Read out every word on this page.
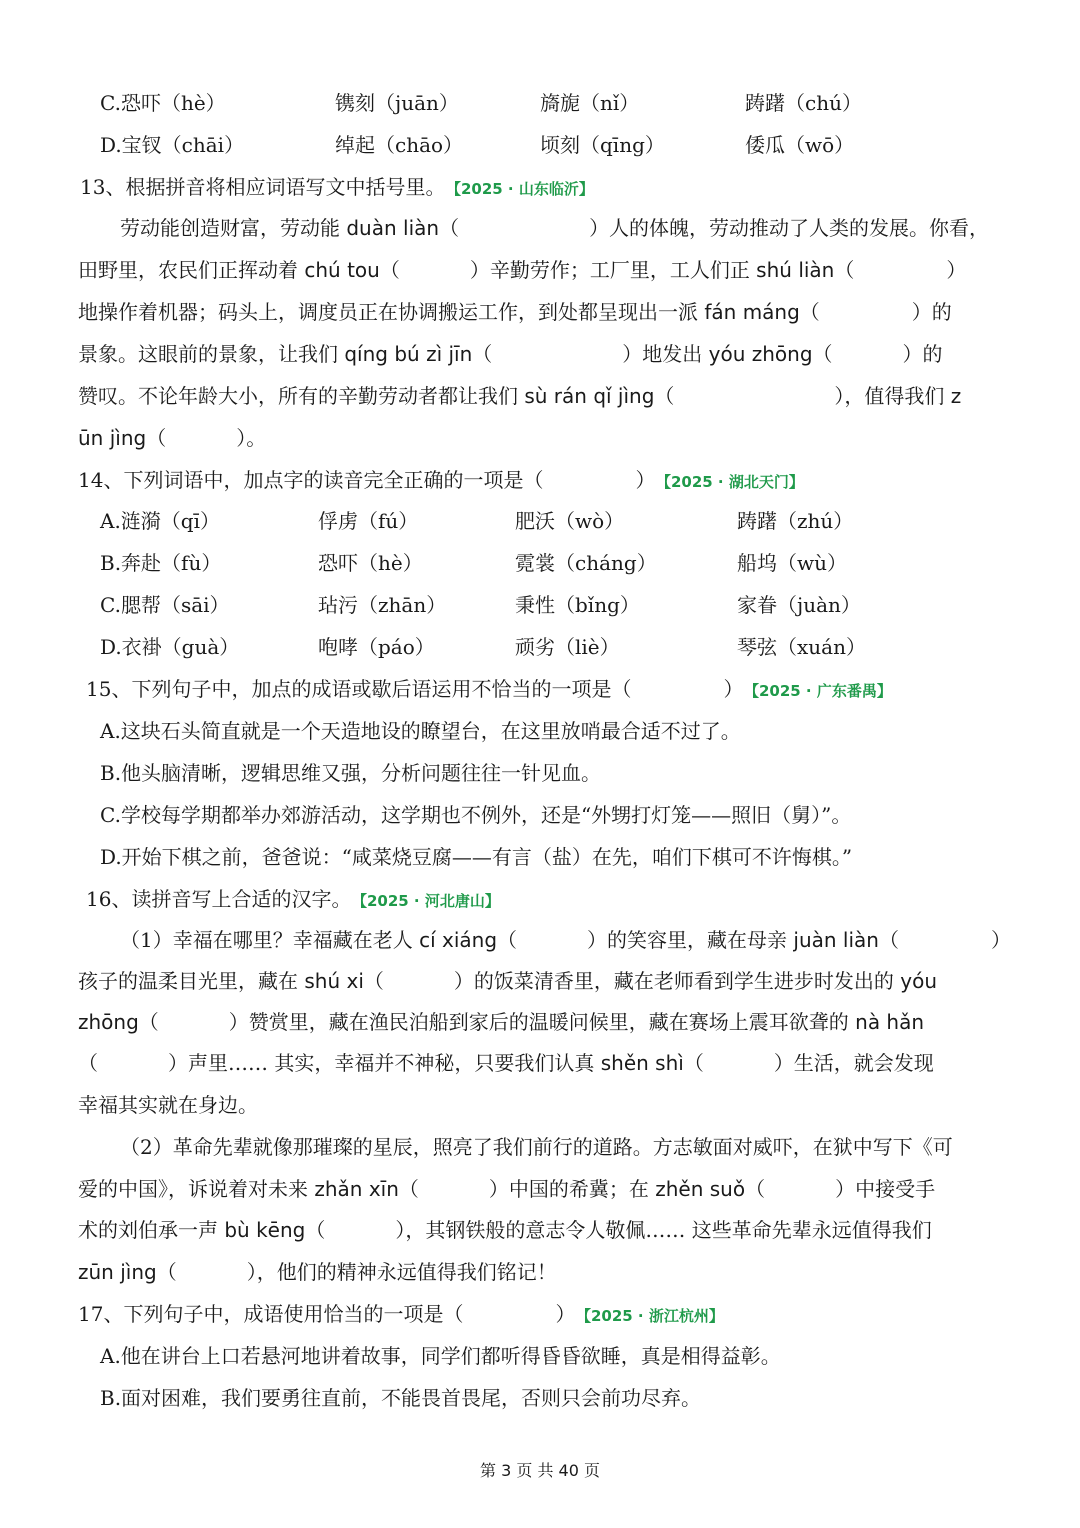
C.恐吓（hè）	镌刻（juān）	旖旎（nǐ）	踌躇（chú）
D.宝钗（chāi）	绰起（chāo）	顷刻（qīng）	倭瓜（wō）
13、根据拼音将相应词语写文中括号里。 【2025 · 山东临沂】
劳动能创造财富，劳动能 duàn liàn（	）人的体魄，劳动推动了人类的发展。你看，
田野里，农民们正挥动着 chú tou（	）辛勤劳作；工厂里，工人们正 shú liàn（	）
地操作着机器；码头上，调度员正在协调搬运工作，到处都呈现出一派 fán máng（	）的
景象。这眼前的景象，让我们 qíng bú zì jīn（	）地发出 yóu zhōng（	）的
赞叹。不论年龄大小，所有的辛勤劳动者都让我们 sù rán qǐ jìng（	），值得我们 z
ūn jìng（	）。
14、下列词语中，加点字的读音完全正确的一项是（	） 【2025 · 湖北天门】
A.涟漪（qī）	俘虏（fú）	肥沃（wò）	踌躇（zhú）
B.奔赴（fù）	恐吓（hè）	霓裳（cháng）	船坞（wù）
C.腮帮（sāi）	玷污（zhān）	秉性（bǐng）	家眷（juàn）
D.衣褂（guà）	咆哮（páo）	顽劣（liè）	琴弦（xuán）
15、下列句子中，加点的成语或歇后语运用不恰当的一项是（	） 【2025 · 广东番禺】
A.这块石头简直就是一个天造地设的瞭望台，在这里放哨最合适不过了。
B.他头脑清晰，逻辑思维又强，分析问题往往一针见血。
C.学校每学期都举办郊游活动，这学期也不例外，还是“外甥打灯笼——照旧（舅）”。
D.开始下棋之前，爸爸说：“咸菜烧豆腐——有言（盐）在先，咱们下棋可不许悔棋。”
16、读拼音写上合适的汉字。 【2025 · 河北唐山】
（1）幸福在哪里？幸福藏在老人 cí xiáng（	）的笑容里，藏在母亲 juàn liàn（	）
孩子的温柔目光里，藏在 shú xi（	）的饭菜清香里，藏在老师看到学生进步时发出的 yóu
zhōng（	）赞赏里，藏在渔民泊船到家后的温暖问候里，藏在赛场上震耳欲聋的 nà hǎn
（	）声里…… 其实，幸福并不神秘，只要我们认真 shěn shì（	）生活，就会发现
幸福其实就在身边。
（2）革命先辈就像那璀璨的星辰，照亮了我们前行的道路。方志敏面对威吓，在狱中写下《可
爱的中国》，诉说着对未来 zhǎn xīn（	）中国的希冀；在 zhěn suǒ（	）中接受手
术的刘伯承一声 bù kēng（	），其钢铁般的意志令人敬佩…… 这些革命先辈永远值得我们
zūn jìng（	），他们的精神永远值得我们铭记！
17、下列句子中，成语使用恰当的一项是（	） 【2025 · 浙江杭州】
A.他在讲台上口若悬河地讲着故事，同学们都听得昏昏欲睡，真是相得益彰。
B.面对困难，我们要勇往直前，不能畏首畏尾，否则只会前功尽弃。
第 3 页 共 40 页
